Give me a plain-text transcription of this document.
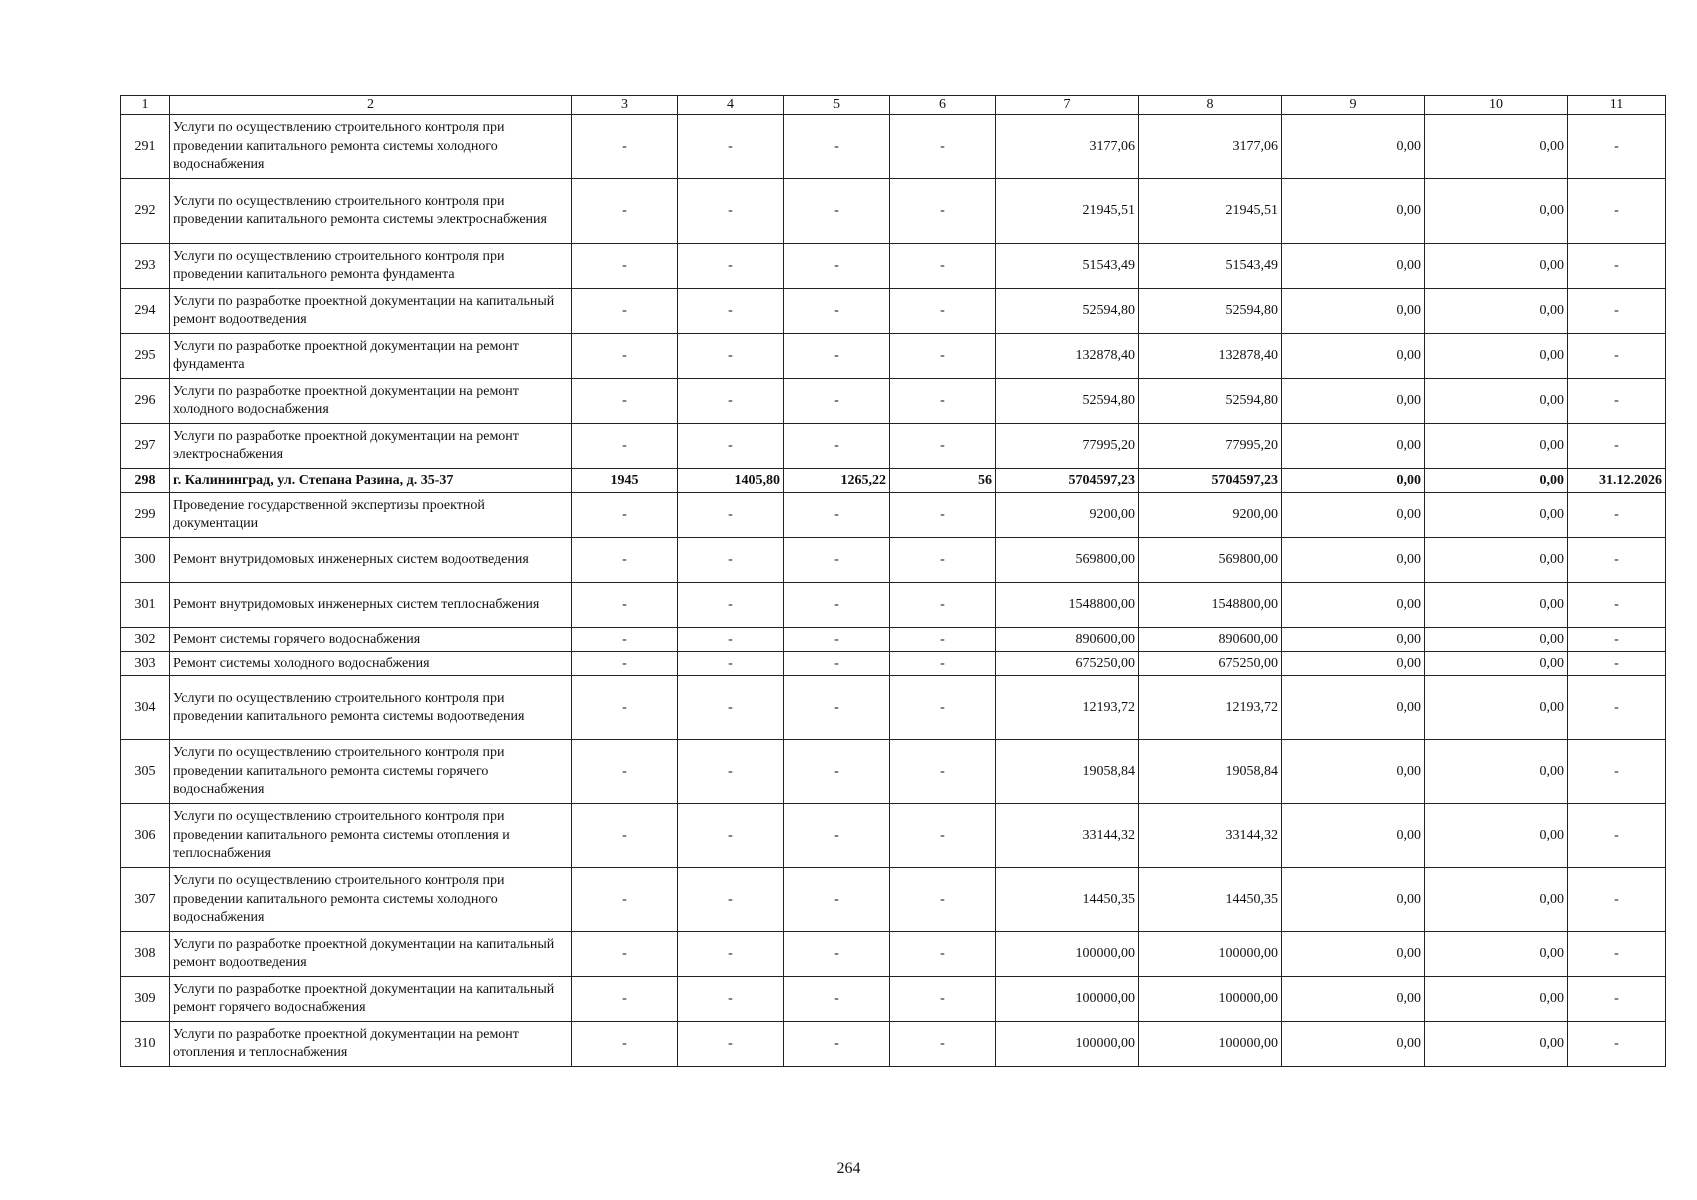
1	2	3	4	5	6	7	8	9	10	11
291	Услуги по осуществлению строительного контроля при проведении капитального ремонта системы холодного водоснабжения	-	-	-	-	3177,06	3177,06	0,00	0,00	-
292	Услуги по осуществлению строительного контроля при проведении капитального ремонта системы электроснабжения	-	-	-	-	21945,51	21945,51	0,00	0,00	-
293	Услуги по осуществлению строительного контроля при проведении капитального ремонта фундамента	-	-	-	-	51543,49	51543,49	0,00	0,00	-
294	Услуги по разработке проектной документации на капитальный ремонт водоотведения	-	-	-	-	52594,80	52594,80	0,00	0,00	-
295	Услуги по разработке проектной документации на ремонт фундамента	-	-	-	-	132878,40	132878,40	0,00	0,00	-
296	Услуги по разработке проектной документации на ремонт холодного водоснабжения	-	-	-	-	52594,80	52594,80	0,00	0,00	-
297	Услуги по разработке проектной документации на ремонт электроснабжения	-	-	-	-	77995,20	77995,20	0,00	0,00	-
298	г. Калининград, ул. Степана Разина, д. 35-37	1945	1405,80	1265,22	56	5704597,23	5704597,23	0,00	0,00	31.12.2026
299	Проведение государственной экспертизы проектной документации	-	-	-	-	9200,00	9200,00	0,00	0,00	-
300	Ремонт внутридомовых инженерных систем водоотведения	-	-	-	-	569800,00	569800,00	0,00	0,00	-
301	Ремонт внутридомовых инженерных систем теплоснабжения	-	-	-	-	1548800,00	1548800,00	0,00	0,00	-
302	Ремонт системы горячего водоснабжения	-	-	-	-	890600,00	890600,00	0,00	0,00	-
303	Ремонт системы холодного водоснабжения	-	-	-	-	675250,00	675250,00	0,00	0,00	-
304	Услуги по осуществлению строительного контроля при проведении капитального ремонта системы водоотведения	-	-	-	-	12193,72	12193,72	0,00	0,00	-
305	Услуги по осуществлению строительного контроля при проведении капитального ремонта системы горячего водоснабжения	-	-	-	-	19058,84	19058,84	0,00	0,00	-
306	Услуги по осуществлению строительного контроля при проведении капитального ремонта системы отопления и теплоснабжения	-	-	-	-	33144,32	33144,32	0,00	0,00	-
307	Услуги по осуществлению строительного контроля при проведении капитального ремонта системы холодного водоснабжения	-	-	-	-	14450,35	14450,35	0,00	0,00	-
308	Услуги по разработке проектной документации на капитальный ремонт водоотведения	-	-	-	-	100000,00	100000,00	0,00	0,00	-
309	Услуги по разработке проектной документации на капитальный ремонт горячего водоснабжения	-	-	-	-	100000,00	100000,00	0,00	0,00	-
310	Услуги по разработке проектной документации на ремонт отопления и теплоснабжения	-	-	-	-	100000,00	100000,00	0,00	0,00	-
264
